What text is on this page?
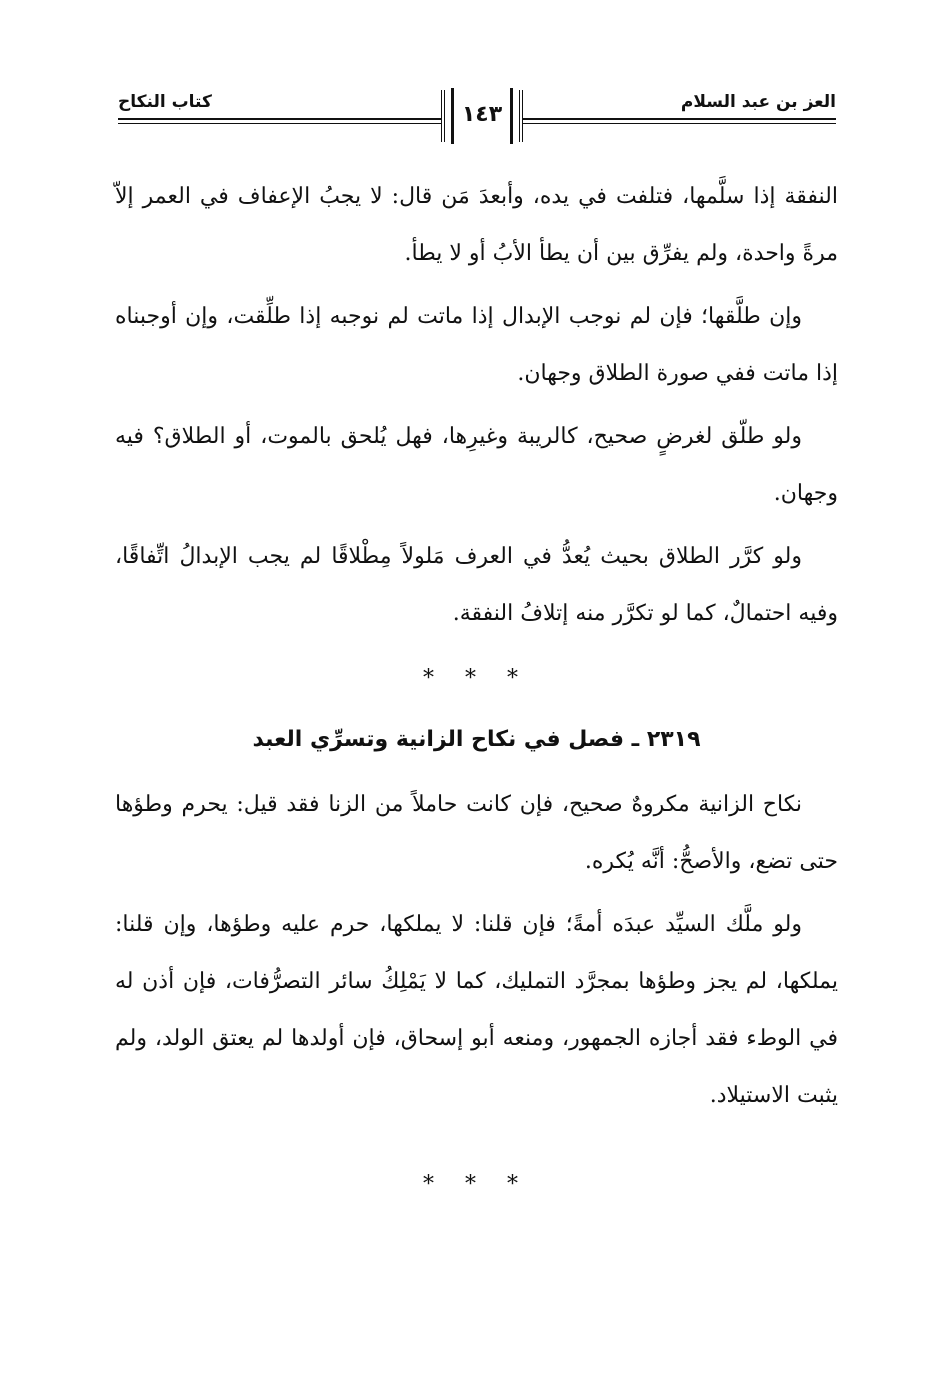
كتاب النكاح	العز بن عبد السلام
١٤٣

النفقة إذا سلَّمها، فتلفت في يده، وأبعدَ مَن قال: لا يجبُ الإعفاف في العمر إلاّ مرةً واحدة، ولم يفرِّق بين أن يطأ الأبُ أو لا يطأ.

وإن طلَّقها؛ فإن لم نوجب الإبدال إذا ماتت لم نوجبه إذا طلِّقت، وإن أوجبناه إذا ماتت ففي صورة الطلاق وجهان.

ولو طلّق لغرضٍ صحيح، كالريبة وغيرِها، فهل يُلحق بالموت، أو الطلاق؟ فيه وجهان.

ولو كرَّر الطلاق بحيث يُعدُّ في العرف مَلولاً مِطْلاقًا لم يجب الإبدالُ اتِّفاقًا، وفيه احتمالٌ، كما لو تكرَّر منه إتلافُ النفقة.

* * *
٢٣١٩ ـ فصل في نكاح الزانية وتسرِّي العبد

نكاح الزانية مكروهٌ صحيح، فإن كانت حاملاً من الزنا فقد قيل: يحرم وطؤها حتى تضع، والأصحُّ: أنَّه يُكره.

ولو ملَّك السيِّد عبدَه أمةً؛ فإن قلنا: لا يملكها، حرم عليه وطؤها، وإن قلنا: يملكها، لم يجز وطؤها بمجرَّد التمليك، كما لا يَمْلِكُ سائر التصرُّفات، فإن أذن له في الوطء فقد أجازه الجمهور، ومنعه أبو إسحاق، فإن أولدها لم يعتق الولد، ولم يثبت الاستيلاد.

* * *
